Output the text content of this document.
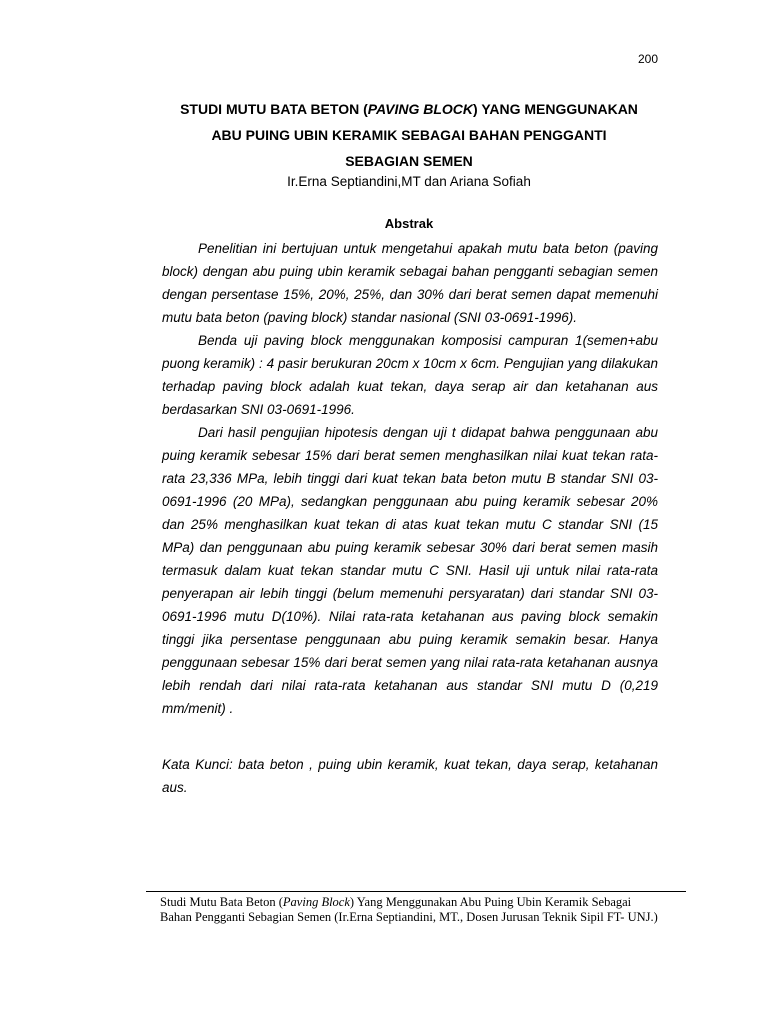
200
STUDI MUTU BATA BETON (PAVING BLOCK) YANG MENGGUNAKAN
ABU PUING UBIN KERAMIK SEBAGAI BAHAN PENGGANTI
SEBAGIAN SEMEN
Ir.Erna Septiandini,MT dan Ariana Sofiah
Abstrak

Penelitian ini bertujuan untuk mengetahui apakah mutu bata beton (paving block) dengan abu puing ubin keramik sebagai bahan pengganti sebagian semen dengan persentase 15%, 20%, 25%, dan 30% dari berat semen dapat memenuhi mutu bata beton (paving block) standar nasional (SNI 03-0691-1996).

Benda uji paving block menggunakan komposisi campuran 1(semen+abu puong keramik) : 4 pasir berukuran 20cm x 10cm x 6cm. Pengujian yang dilakukan terhadap paving block adalah kuat tekan, daya serap air dan ketahanan aus berdasarkan SNI 03-0691-1996.

Dari hasil pengujian hipotesis dengan uji t didapat bahwa penggunaan abu puing keramik sebesar 15% dari berat semen menghasilkan nilai kuat tekan rata-rata 23,336 MPa, lebih tinggi dari kuat tekan bata beton mutu B standar SNI 03-0691-1996 (20 MPa), sedangkan penggunaan abu puing keramik sebesar 20% dan 25% menghasilkan kuat tekan di atas kuat tekan mutu C standar SNI (15 MPa) dan penggunaan abu puing keramik sebesar 30% dari berat semen masih termasuk dalam kuat tekan standar mutu C SNI. Hasil uji untuk nilai rata-rata penyerapan air lebih tinggi (belum memenuhi persyaratan) dari standar SNI 03-0691-1996 mutu D(10%). Nilai rata-rata ketahanan aus paving block semakin tinggi jika persentase penggunaan abu puing keramik semakin besar. Hanya penggunaan sebesar 15% dari berat semen yang nilai rata-rata ketahanan ausnya lebih rendah dari nilai rata-rata ketahanan aus standar SNI mutu D (0,219 mm/menit) .

Kata Kunci: bata beton , puing ubin keramik, kuat tekan, daya serap, ketahanan aus.
Studi Mutu Bata Beton (Paving Block) Yang Menggunakan Abu Puing Ubin Keramik Sebagai Bahan Pengganti Sebagian Semen (Ir.Erna Septiandini, MT., Dosen Jurusan Teknik Sipil FT- UNJ.)
